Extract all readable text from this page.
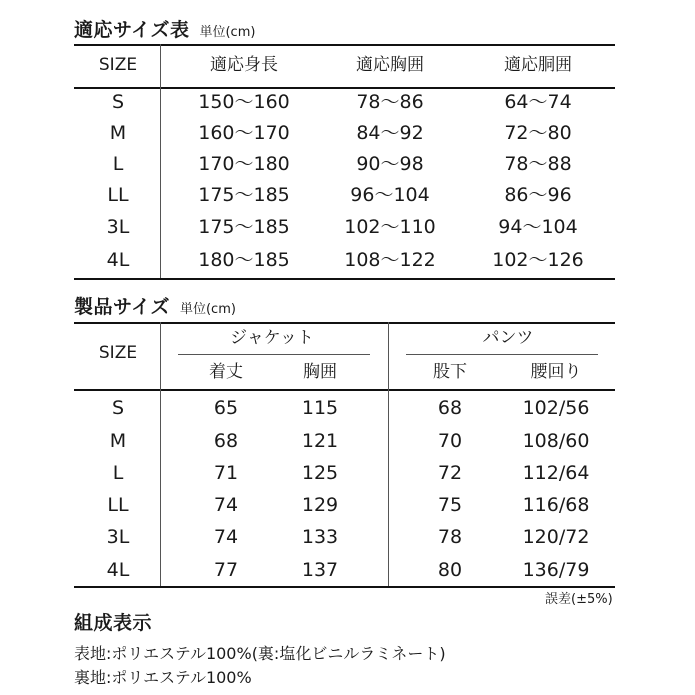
適応サイズ表 単位(cm)
SIZE	適応身長	適応胸囲	適応胴囲
S	150〜160	78〜86	64〜74
M	160〜170	84〜92	72〜80
L	170〜180	90〜98	78〜88
LL	175〜185	96〜104	86〜96
3L	175〜185	102〜110	94〜104
4L	180〜185	108〜122	102〜126
製品サイズ 単位(cm)
SIZE
ジャケット	パンツ
着丈	胸囲	股下	腰回り
S	65	115	68	102/56
M	68	121	70	108/60
L	71	125	72	112/64
LL	74	129	75	116/68
3L	74	133	78	120/72
4L	77	137	80	136/79
誤差(±5%)
組成表示
表地:ポリエステル100%(裏:塩化ビニルラミネート)
裏地:ポリエステル100%
